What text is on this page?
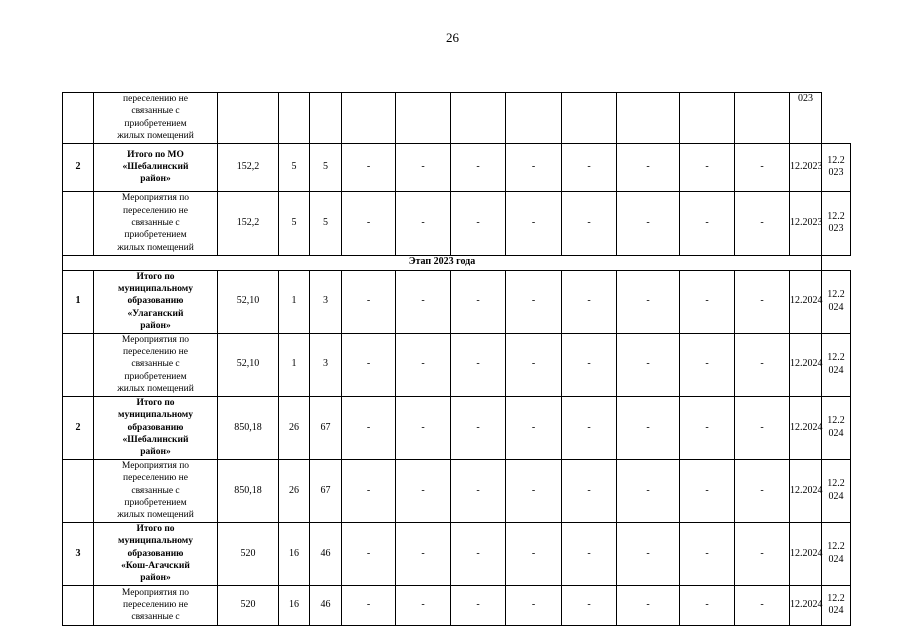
26

	переселению не
связанные с
приобретением
жилых помещений												023	
2	Итого по МО
«Шебалинский
район»	152,2	5	5	-	-	-	-	-	-	-	-	12.2023	12.2
023

	Мероприятия по
переселению не
связанные с
приобретением
жилых помещений	152,2	5	5	-	-	-	-	-	-	-	-	12.2023	12.2
023

Этап 2023 года														
1	Итого по
муниципальному
образованию
«Улаганский
район»	52,10	1	3	-	-	-	-	-	-	-	-	12.2024	12.2
024

	Мероприятия по
переселению не
связанные с
приобретением
жилых помещений	52,10	1	3	-	-	-	-	-	-	-	-	12.2024	12.2
024

2	Итого по
муниципальному
образованию
«Шебалинский
район»	850,18	26	67	-	-	-	-	-	-	-	-	12.2024	12.2
024

	Мероприятия по
переселению не
связанные с
приобретением
жилых помещений	850,18	26	67	-	-	-	-	-	-	-	-	12.2024	12.2
024

3	Итого по
муниципальному
образованию
«Кош-Агачский
район»	520	16	46	-	-	-	-	-	-	-	-	12.2024	12.2
024

	Мероприятия по
переселению не
связанные с	520	16	46	-	-	-	-	-	-	-	-	12.2024	12.2
024
